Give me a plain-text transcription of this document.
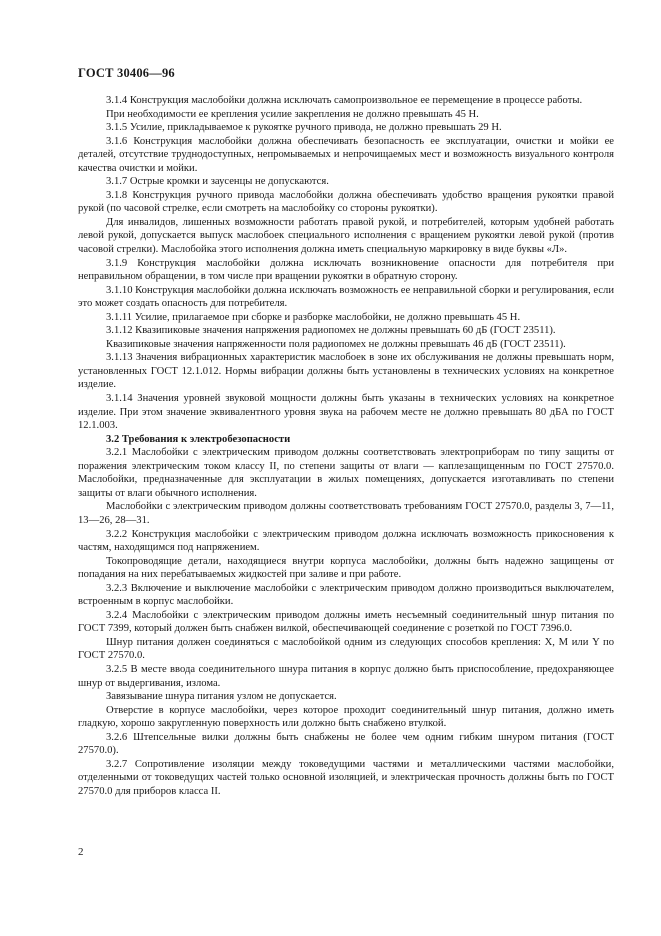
ГОСТ 30406—96

3.1.4 Конструкция маслобойки должна исключать самопроизвольное ее перемещение в процессе работы.

При необходимости ее крепления усилие закрепления не должно превышать 45 Н.

3.1.5 Усилие, прикладываемое к рукоятке ручного привода, не должно превышать 29 Н.

3.1.6 Конструкция маслобойки должна обеспечивать безопасность ее эксплуатации, очистки и мойки ее деталей, отсутствие труднодоступных, непромываемых и непрочищаемых мест и возможность визуального контроля качества очистки и мойки.

3.1.7 Острые кромки и заусенцы не допускаются.

3.1.8 Конструкция ручного привода маслобойки должна обеспечивать удобство вращения рукоятки правой рукой (по часовой стрелке, если смотреть на маслобойку со стороны рукоятки).

Для инвалидов, лишенных возможности работать правой рукой, и потребителей, которым удобней работать левой рукой, допускается выпуск маслобоек специального исполнения с вращением рукоятки левой рукой (против часовой стрелки). Маслобойка этого исполнения должна иметь специальную маркировку в виде буквы «Л».

3.1.9 Конструкция маслобойки должна исключать возникновение опасности для потребителя при неправильном обращении, в том числе при вращении рукоятки в обратную сторону.

3.1.10 Конструкция маслобойки должна исключать возможность ее неправильной сборки и регулирования, если это может создать опасность для потребителя.

3.1.11 Усилие, прилагаемое при сборке и разборке маслобойки, не должно превышать 45 Н.

3.1.12 Квазипиковые значения напряжения радиопомех не должны превышать 60 дБ (ГОСТ 23511).

Квазипиковые значения напряженности поля радиопомех не должны превышать 46 дБ (ГОСТ 23511).

3.1.13 Значения вибрационных характеристик маслобоек в зоне их обслуживания не должны превышать норм, установленных ГОСТ 12.1.012. Нормы вибрации должны быть установлены в технических условиях на конкретное изделие.

3.1.14 Значения уровней звуковой мощности должны быть указаны в технических условиях на конкретное изделие. При этом значение эквивалентного уровня звука на рабочем месте не должно превышать 80 дБА по ГОСТ 12.1.003.

3.2 Требования к электробезопасности

3.2.1 Маслобойки с электрическим приводом должны соответствовать электроприборам по типу защиты от поражения электрическим током классу II, по степени защиты от влаги — каплезащищенным по ГОСТ 27570.0. Маслобойки, предназначенные для эксплуатации в жилых помещениях, допускается изготавливать по степени защиты от влаги обычного исполнения.

Маслобойки с электрическим приводом должны соответствовать требованиям ГОСТ 27570.0, разделы 3, 7—11, 13—26, 28—31.

3.2.2 Конструкция маслобойки с электрическим приводом должна исключать возможность прикосновения к частям, находящимся под напряжением.

Токопроводящие детали, находящиеся внутри корпуса маслобойки, должны быть надежно защищены от попадания на них перебатываемых жидкостей при заливе и при работе.

3.2.3 Включение и выключение маслобойки с электрическим приводом должно производиться выключателем, встроенным в корпус маслобойки.

3.2.4 Маслобойки с электрическим приводом должны иметь несъемный соединительный шнур питания по ГОСТ 7399, который должен быть снабжен вилкой, обеспечивающей соединение с розеткой по ГОСТ 7396.0.

Шнур питания должен соединяться с маслобойкой одним из следующих способов крепления: X, M или Y по ГОСТ 27570.0.

3.2.5 В месте ввода соединительного шнура питания в корпус должно быть приспособление, предохраняющее шнур от выдергивания, излома.

Завязывание шнура питания узлом не допускается.

Отверстие в корпусе маслобойки, через которое проходит соединительный шнур питания, должно иметь гладкую, хорошо закругленную поверхность или должно быть снабжено втулкой.

3.2.6 Штепсельные вилки должны быть снабжены не более чем одним гибким шнуром питания (ГОСТ 27570.0).

3.2.7 Сопротивление изоляции между токоведущими частями и металлическими частями маслобойки, отделенными от токоведущих частей только основной изоляцией, и электрическая прочность должны быть по ГОСТ 27570.0 для приборов класса II.

2
